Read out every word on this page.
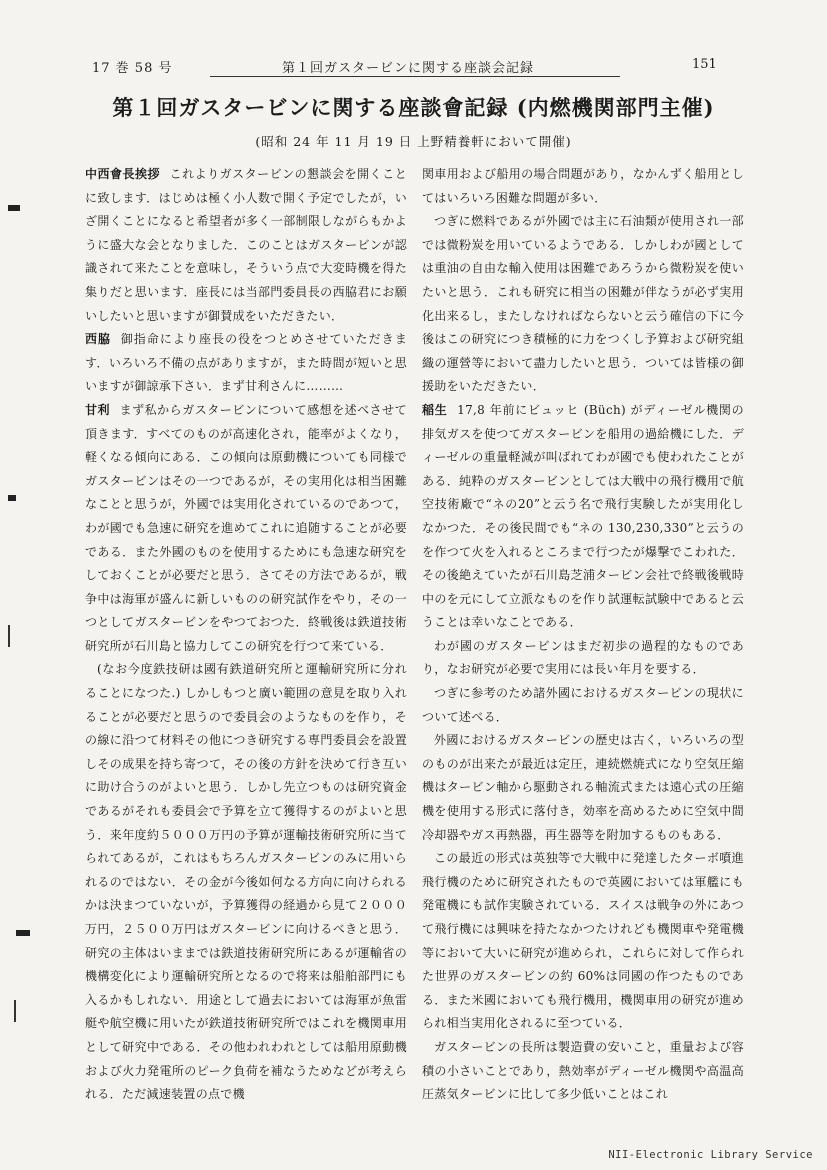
17 巻 58 号	第１回ガスタービンに関する座談会記録	151
第１回ガスタービンに関する座談會記録 (内燃機関部門主催)
(昭和 24 年 11 月 19 日 上野精養軒において開催)

中西會長挨拶 これよりガスタービンの懇談会を開くことに致します．はじめは極く小人数で開く予定でしたが，いざ開くことになると希望者が多く一部制限しながらもかように盛大な会となりました．このことはガスタービンが認識されて来たことを意味し，そういう点で大変時機を得た集りだと思います．座長には当部門委員長の西脇君にお願いしたいと思いますが御賛成をいただきたい．

西脇 御指命により座長の役をつとめさせていただきます．いろいろ不備の点がありますが，また時間が短いと思いますが御諒承下さい．まず甘利さんに………

甘利 まず私からガスタービンについて感想を述べさせて頂きます．すべてのものが高速化され，能率がよくなり，軽くなる傾向にある．この傾向は原動機についても同様でガスタービンはその一つであるが，その実用化は相当困難なことと思うが，外國では実用化されているのであつて，わが國でも急速に研究を進めてこれに追随することが必要である．また外國のものを使用するためにも急速な研究をしておくことが必要だと思う．さてその方法であるが，戦争中は海軍が盛んに新しいものの研究試作をやり，その一つとしてガスタービンをやつておつた．終戦後は鉄道技術研究所が石川島と協力してこの研究を行つて来ている．

(なお今度鉄技研は國有鉄道研究所と運輸研究所に分れることになつた.) しかしもつと廣い範囲の意見を取り入れることが必要だと思うので委員会のようなものを作り，その線に沿つて材料その他につき研究する専門委員会を設置しその成果を持ち寄つて，その後の方針を決めて行き互いに助け合うのがよいと思う．しかし先立つものは研究資金であるがそれも委員会で予算を立て獲得するのがよいと思う．来年度約５０００万円の予算が運輸技術研究所に当てられてあるが，これはもちろんガスタービンのみに用いられるのではない．その金が今後如何なる方向に向けられるかは決まつていないが，予算獲得の経過から見て２０００万円，２５００万円はガスタービンに向けるべきと思う．研究の主体はいままでは鉄道技術研究所にあるが運輸省の機構変化により運輸研究所となるので将来は船舶部門にも入るかもしれない．用途として過去においては海軍が魚雷艇や航空機に用いたが鉄道技術研究所ではこれを機関車用として研究中である．その他われわれとしては船用原動機および火力発電所のピーク負荷を補なうためなどが考えられる．ただ減速装置の点で機

関車用および船用の場合問題があり，なかんずく船用としてはいろいろ困難な問題が多い．

つぎに燃料であるが外國では主に石油類が使用され一部では微粉炭を用いているようである．しかしわが國としては重油の自由な輸入使用は困難であろうから微粉炭を使いたいと思う．これも研究に相当の困難が伴なうが必ず実用化出来るし，またしなければならないと云う確信の下に今後はこの研究につき積極的に力をつくし予算および研究組織の運營等において盡力したいと思う．ついては皆様の御援助をいただきたい．

稲生 17,8 年前にビュッヒ (Büch) がディーゼル機関の排気ガスを使つてガスタービンを船用の過給機にした．ディーゼルの重量軽減が叫ばれてわが國でも使われたことがある．純粋のガスタービンとしては大戦中の飛行機用で航空技術廠で“ネの20”と云う名で飛行実験したが実用化しなかつた．その後民間でも“ネの 130,230,330”と云うのを作つて火を入れるところまで行つたが爆撃でこわれた．その後絶えていたが石川島芝浦タービン会社で終戦後戦時中のを元にして立派なものを作り試運転試験中であると云うことは幸いなことである．

わが國のガスタービンはまだ初歩の過程的なものであり，なお研究が必要で実用には長い年月を要する．

つぎに参考のため諸外國におけるガスタービンの現状について述べる．

外國におけるガスタービンの歴史は古く，いろいろの型のものが出来たが最近は定圧，連続燃焼式になり空気圧縮機はタービン軸から駆動される軸流式または遠心式の圧縮機を使用する形式に落付き，効率を高めるために空気中間冷却器やガス再熱器，再生器等を附加するものもある．

この最近の形式は英独等で大戦中に発達したターボ噴進飛行機のために研究されたもので英國においては軍艦にも発電機にも試作実験されている．スイスは戦争の外にあつて飛行機には興味を持たなかつたけれども機関車や発電機等において大いに研究が進められ，これらに対して作られた世界のガスタービンの約 60%は同國の作つたものである．また米國においても飛行機用，機関車用の研究が進められ相当実用化されるに至つている．

ガスタービンの長所は製造費の安いこと，重量および容積の小さいことであり，熱効率がディーゼル機関や高温高圧蒸気タービンに比して多少低いことはこれ

NII-Electronic Library Service
